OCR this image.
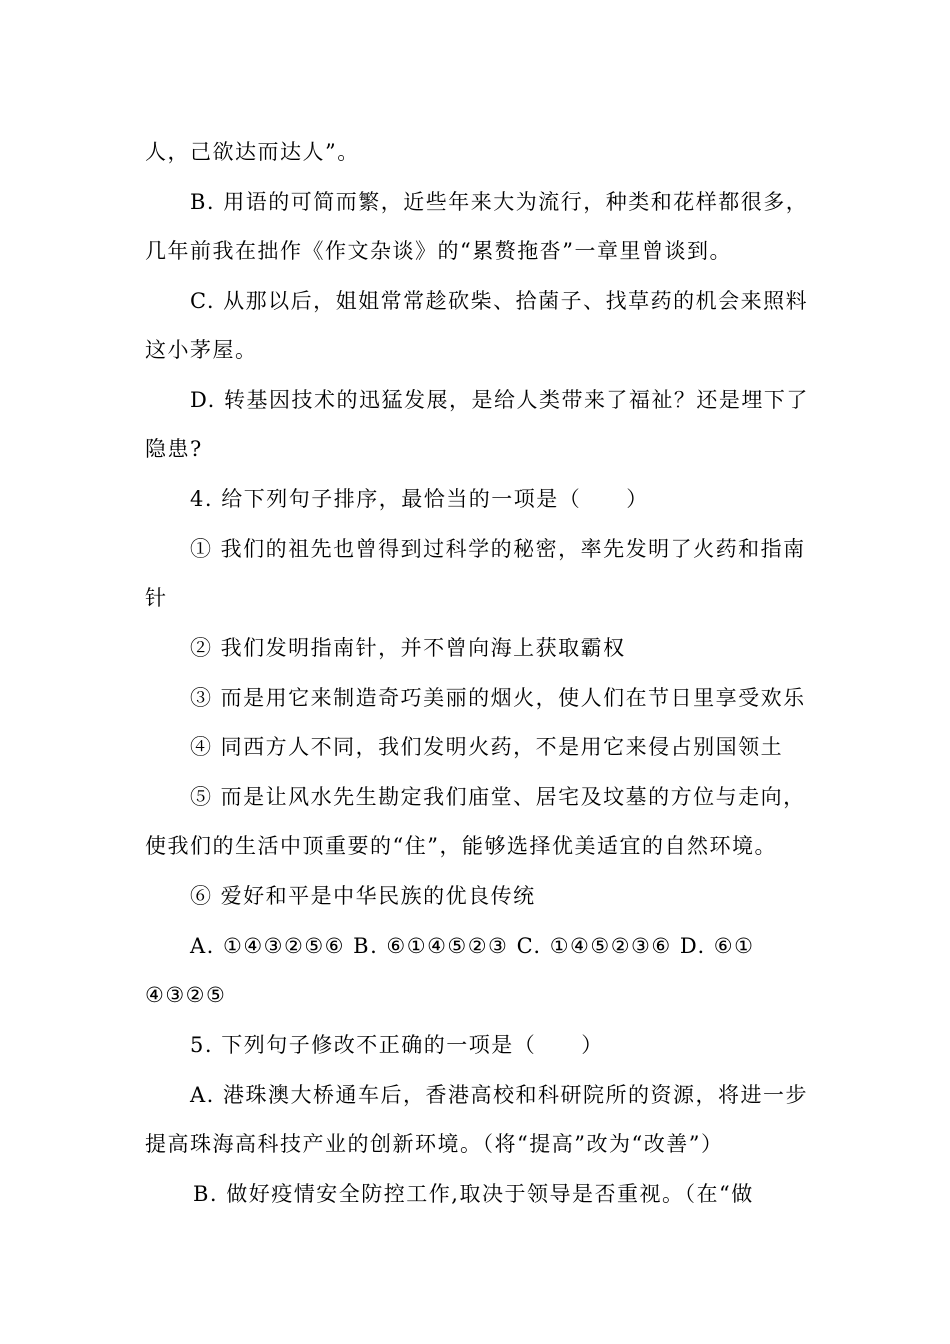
人，己欲达而达人”。
B. 用语的可简而繁，近些年来大为流行，种类和花样都很多，
几年前我在拙作《作文杂谈》的“累赘拖沓”一章里曾谈到。
C. 从那以后，姐姐常常趁砍柴、拾菌子、找草药的机会来照料
这小茅屋。
D. 转基因技术的迅猛发展，是给人类带来了福祉？还是埋下了
隐患?
4. 给下列句子排序，最恰当的一项是（　　）
① 我们的祖先也曾得到过科学的秘密，率先发明了火药和指南
针
② 我们发明指南针，并不曾向海上获取霸权
③ 而是用它来制造奇巧美丽的烟火，使人们在节日里享受欢乐
④ 同西方人不同，我们发明火药，不是用它来侵占别国领土
⑤ 而是让风水先生勘定我们庙堂、居宅及坟墓的方位与走向，
使我们的生活中顶重要的“住”，能够选择优美适宜的自然环境。
⑥ 爱好和平是中华民族的优良传统
A. ①④③②⑤⑥ B. ⑥①④⑤②③ C. ①④⑤②③⑥ D. ⑥①
④③②⑤
5. 下列句子修改不正确的一项是（　　）
A. 港珠澳大桥通车后，香港高校和科研院所的资源，将进一步
提高珠海高科技产业的创新环境。（将“提高”改为“改善”）
B. 做好疫情安全防控工作,取决于领导是否重视。（在“做
